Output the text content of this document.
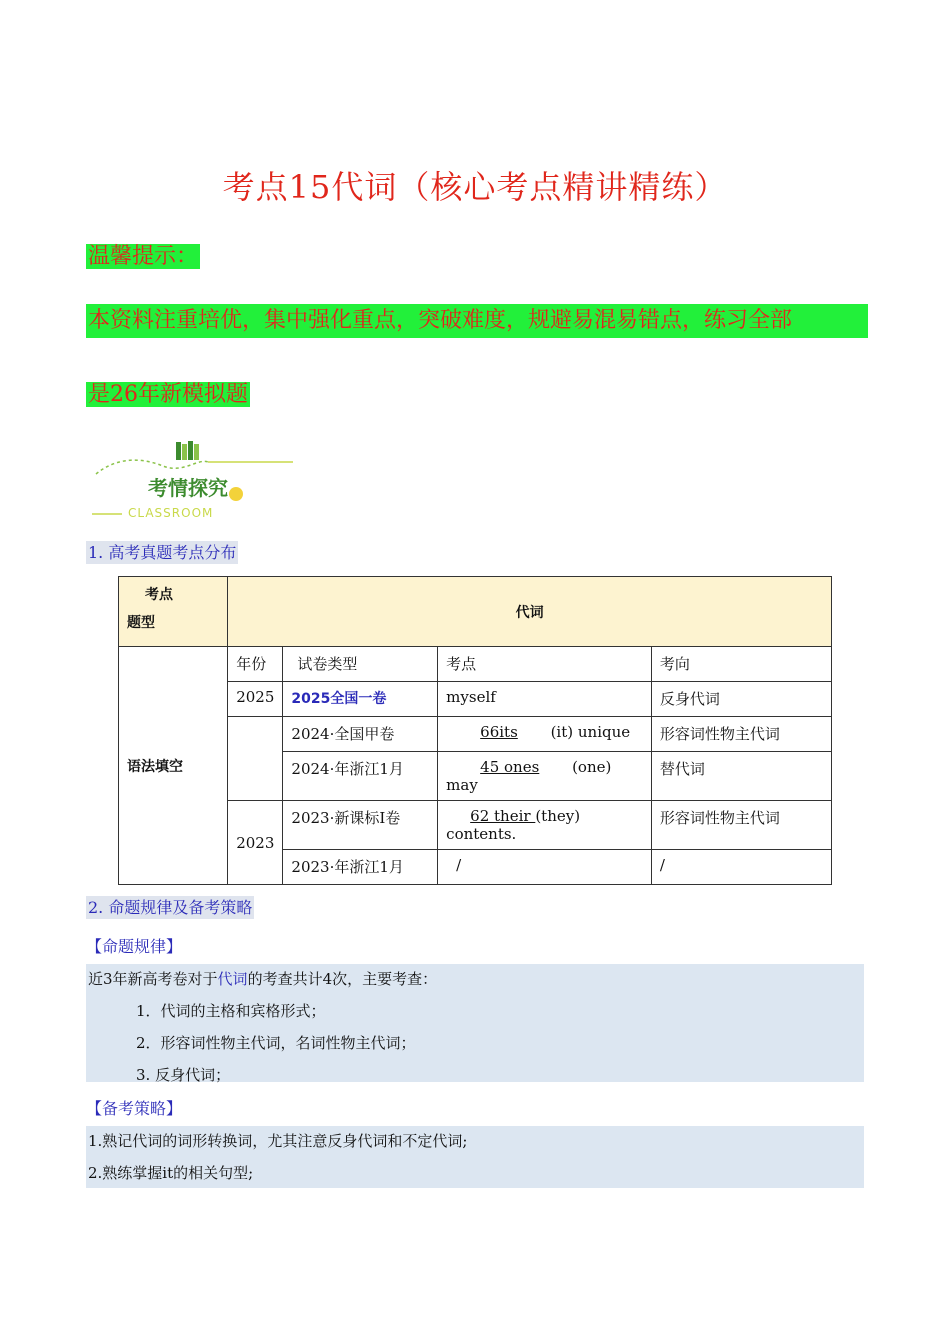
考点15代词（核心考点精讲精练）
温馨提示：
本资料注重培优，集中强化重点，突破难度，规避易混易错点，练习全部
是26年新模拟题
考情探究
CLASSROOM
1. 高考真题考点分布
考点
题型	代词			
语法填空	年份	试卷类型	考点	考向
	2025	2025全国一卷	myself	反身代词
		2024·全国甲卷	66its (it) unique	形容词性物主代词
		2024·年浙江1月	45 ones (one) may	替代词
	2023	2023·新课标I卷	62 their (they) contents.	形容词性物主代词
		2023·年浙江1月	/	/
2. 命题规律及备考策略
【命题规律】
近3年新高考卷对于代词的考查共计4次，主要考查：
1．代词的主格和宾格形式；
2．形容词性物主代词，名词性物主代词；
3. 反身代词；
【备考策略】
1.熟记代词的词形转换词，尤其注意反身代词和不定代词;
2.熟练掌握it的相关句型;
